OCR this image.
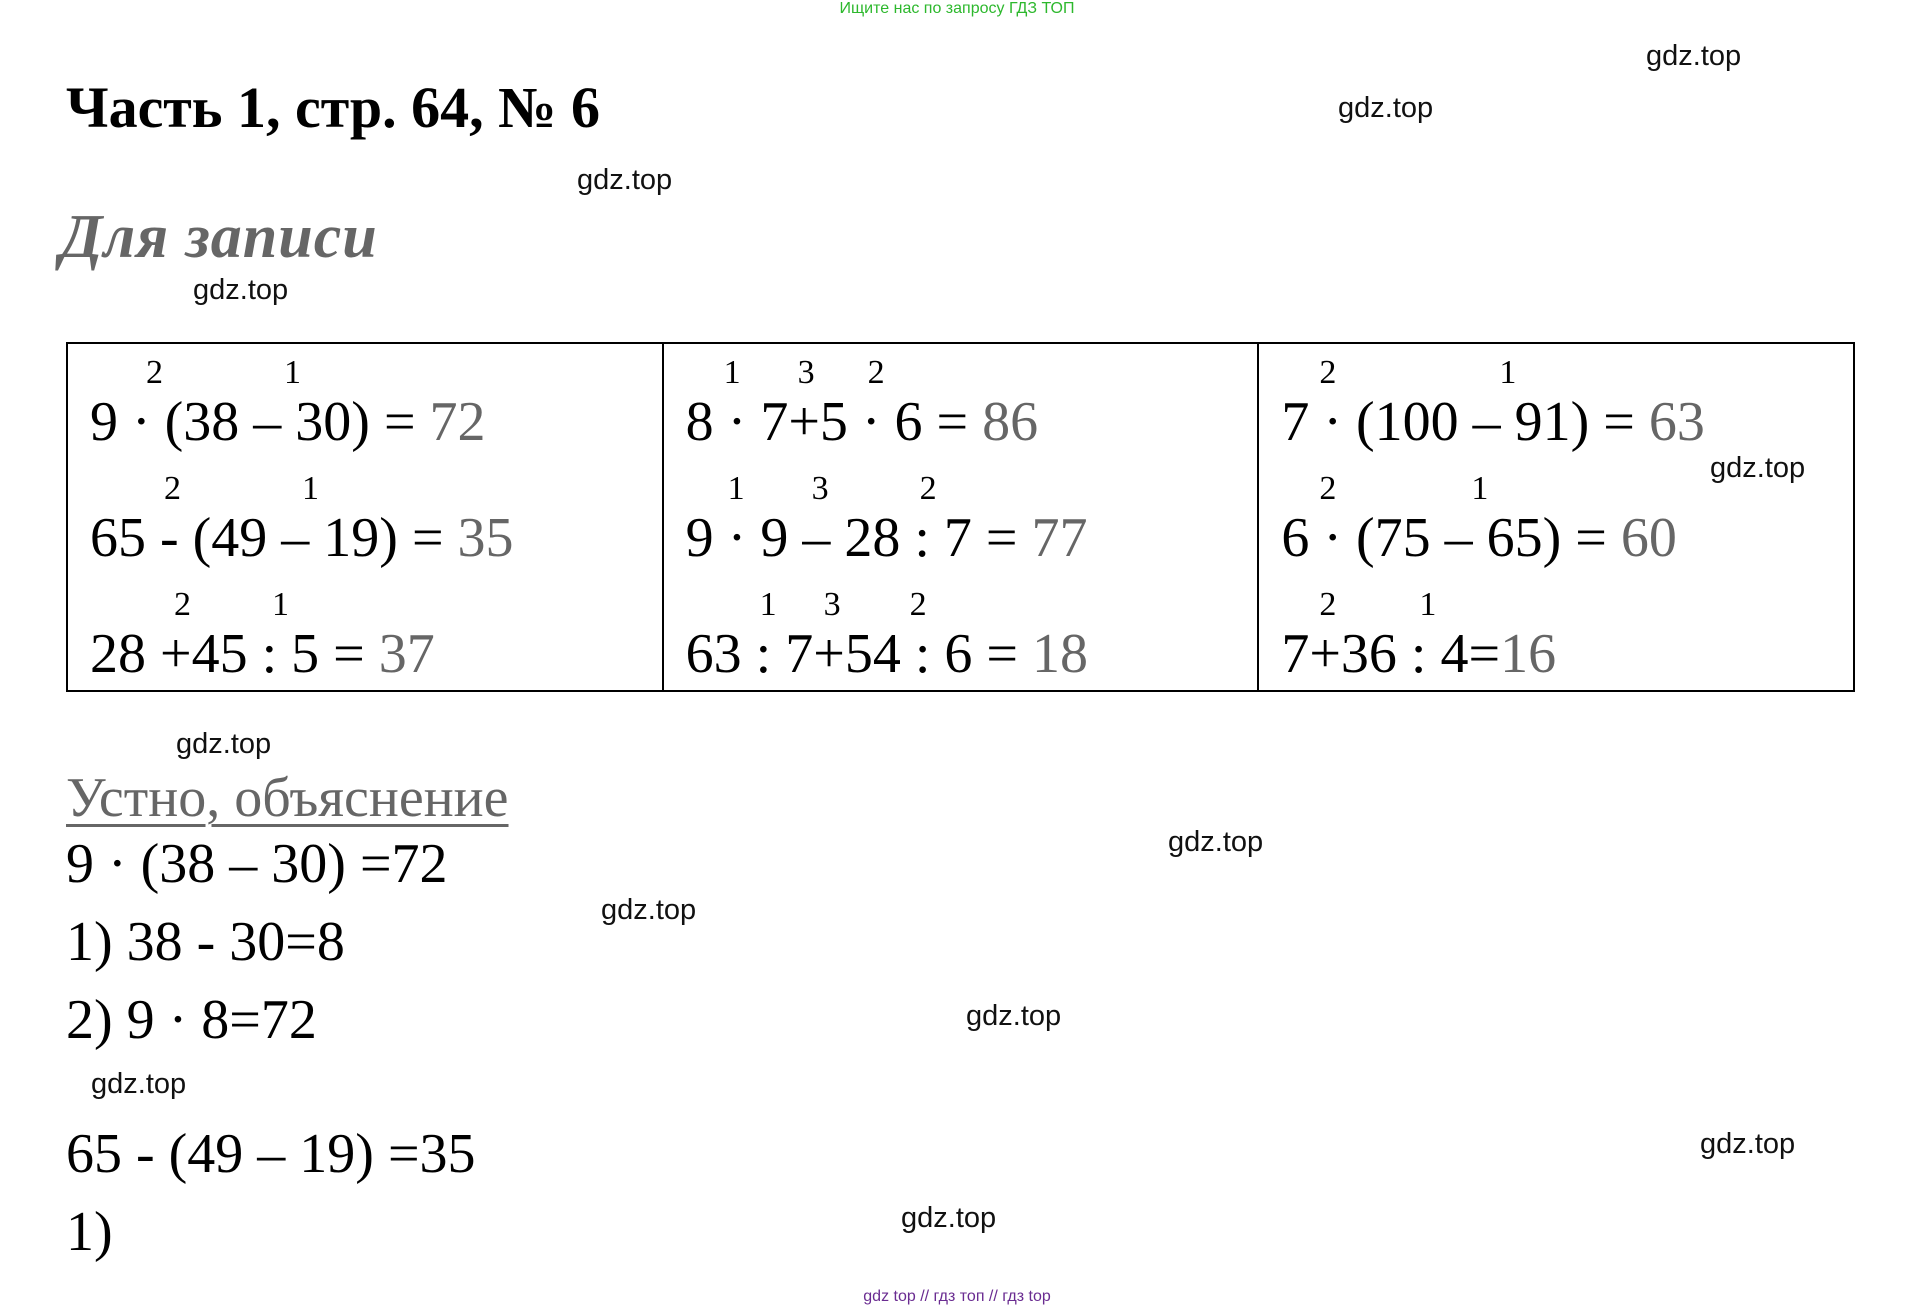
Ищите нас по запросу ГДЗ ТОП
Часть 1, стр. 64, № 6
Для записи
gdz.top
gdz.top
gdz.top
gdz.top
gdz.top
gdz.top
gdz.top
gdz.top
gdz.top
gdz.top
gdz.top
gdz.top
2	1
9 · (38 – 30) = 72
2	1
65 - (49 – 19) = 35
2 1
28 +45 : 5 = 37
1 3 2
8 · 7+5 · 6 = 86
1 3	2
9 · 9 – 28 : 7 = 77
1 3 2
63 : 7+54 : 6 = 18
2	1
7 · (100 – 91) = 63
2	1
6 · (75 – 65) = 60
2 1
7+36 : 4=16
Устно, объяснение
9 · (38 – 30) =72
1) 38 - 30=8
2) 9 · 8=72
65 - (49 – 19) =35
1)
gdz top // гдз топ // гдз top
